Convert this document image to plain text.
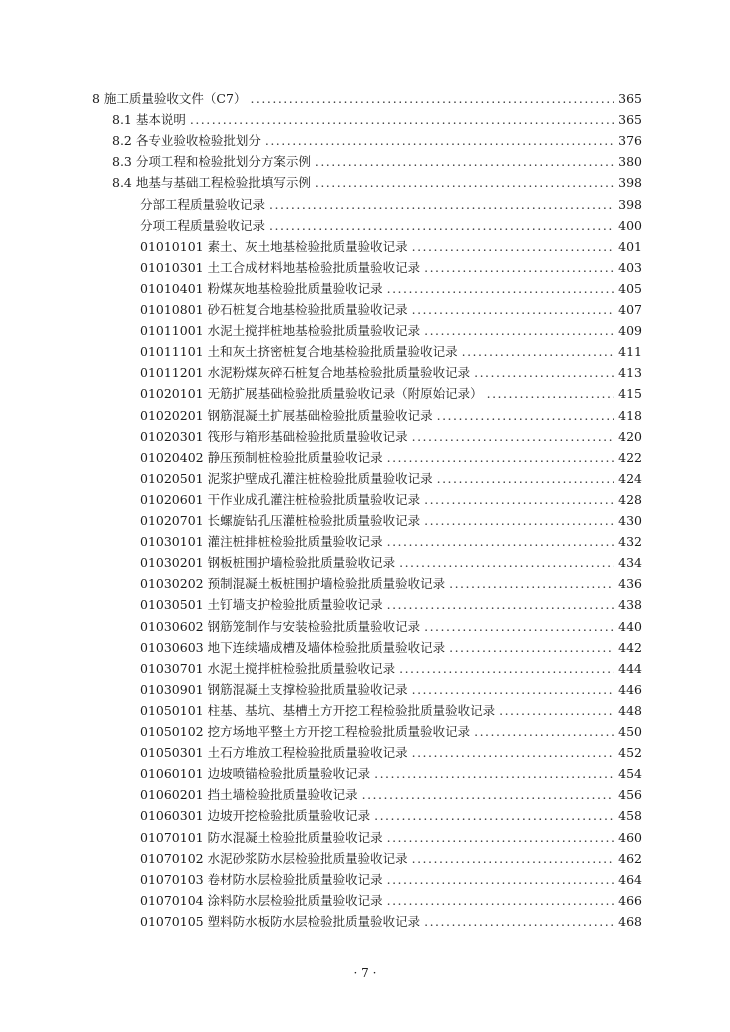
8 施工质量验收文件（C7） .....	365
8.1 基本说明 .....	365
8.2 各专业验收检验批划分 .....	376
8.3 分项工程和检验批划分方案示例 .....	380
8.4 地基与基础工程检验批填写示例 .....	398
分部工程质量验收记录 .....	398
分项工程质量验收记录 .....	400
01010101 素土、灰土地基检验批质量验收记录 .....	401
01010301 土工合成材料地基检验批质量验收记录 .....	403
01010401 粉煤灰地基检验批质量验收记录 .....	405
01010801 砂石桩复合地基检验批质量验收记录 .....	407
01011001 水泥土搅拌桩地基检验批质量验收记录 .....	409
01011101 土和灰土挤密桩复合地基检验批质量验收记录 .....	411
01011201 水泥粉煤灰碎石桩复合地基检验批质量验收记录 .....	413
01020101 无筋扩展基础检验批质量验收记录（附原始记录） .....	415
01020201 钢筋混凝土扩展基础检验批质量验收记录 .....	418
01020301 筏形与箱形基础检验批质量验收记录 .....	420
01020402 静压预制桩检验批质量验收记录 .....	422
01020501 泥浆护壁成孔灌注桩检验批质量验收记录 .....	424
01020601 干作业成孔灌注桩检验批质量验收记录 .....	428
01020701 长螺旋钻孔压灌桩检验批质量验收记录 .....	430
01030101 灌注桩排桩检验批质量验收记录 .....	432
01030201 钢板桩围护墙检验批质量验收记录 .....	434
01030202 预制混凝土板桩围护墙检验批质量验收记录 .....	436
01030501 土钉墙支护检验批质量验收记录 .....	438
01030602 钢筋笼制作与安装检验批质量验收记录 .....	440
01030603 地下连续墙成槽及墙体检验批质量验收记录 .....	442
01030701 水泥土搅拌桩检验批质量验收记录 .....	444
01030901 钢筋混凝土支撑检验批质量验收记录 .....	446
01050101 柱基、基坑、基槽土方开挖工程检验批质量验收记录 .....	448
01050102 挖方场地平整土方开挖工程检验批质量验收记录 .....	450
01050301 土石方堆放工程检验批质量验收记录 .....	452
01060101 边坡喷锚检验批质量验收记录 .....	454
01060201 挡土墙检验批质量验收记录 .....	456
01060301 边坡开挖检验批质量验收记录 .....	458
01070101 防水混凝土检验批质量验收记录 .....	460
01070102 水泥砂浆防水层检验批质量验收记录 .....	462
01070103 卷材防水层检验批质量验收记录 .....	464
01070104 涂料防水层检验批质量验收记录 .....	466
01070105 塑料防水板防水层检验批质量验收记录 .....	468
· 7 ·
